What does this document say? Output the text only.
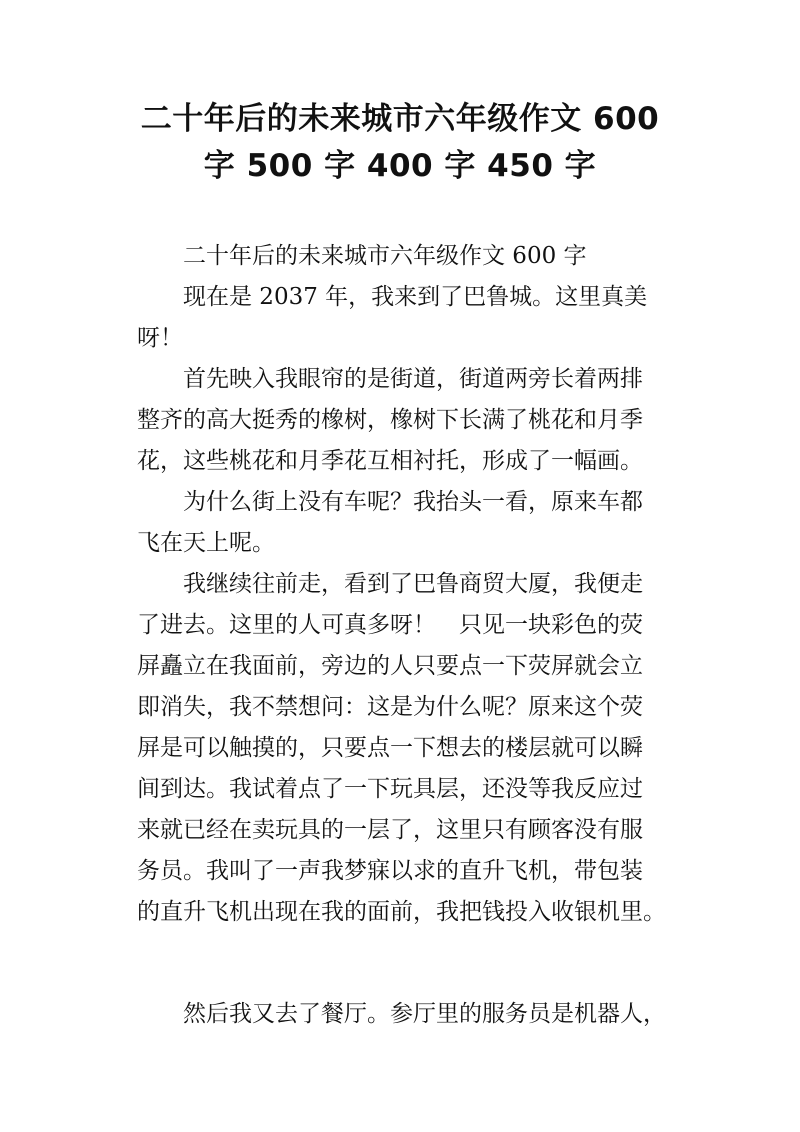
二十年后的未来城市六年级作文 600
字 500 字 400 字 450 字
二十年后的未来城市六年级作文 600 字
现在是 2037 年，我来到了巴鲁城。这里真美
呀！
首先映入我眼帘的是街道，街道两旁长着两排
整齐的高大挺秀的橡树，橡树下长满了桃花和月季
花，这些桃花和月季花互相衬托，形成了一幅画。
为什么街上没有车呢？我抬头一看，原来车都
飞在天上呢。
我继续往前走，看到了巴鲁商贸大厦，我便走
了进去。这里的人可真多呀！　只见一块彩色的荧
屏矗立在我面前，旁边的人只要点一下荧屏就会立
即消失，我不禁想问：这是为什么呢？原来这个荧
屏是可以触摸的，只要点一下想去的楼层就可以瞬
间到达。我试着点了一下玩具层，还没等我反应过
来就已经在卖玩具的一层了，这里只有顾客没有服
务员。我叫了一声我梦寐以求的直升飞机，带包装
的直升飞机出现在我的面前，我把钱投入收银机里。
然后我又去了餐厅。参厅里的服务员是机器人，
